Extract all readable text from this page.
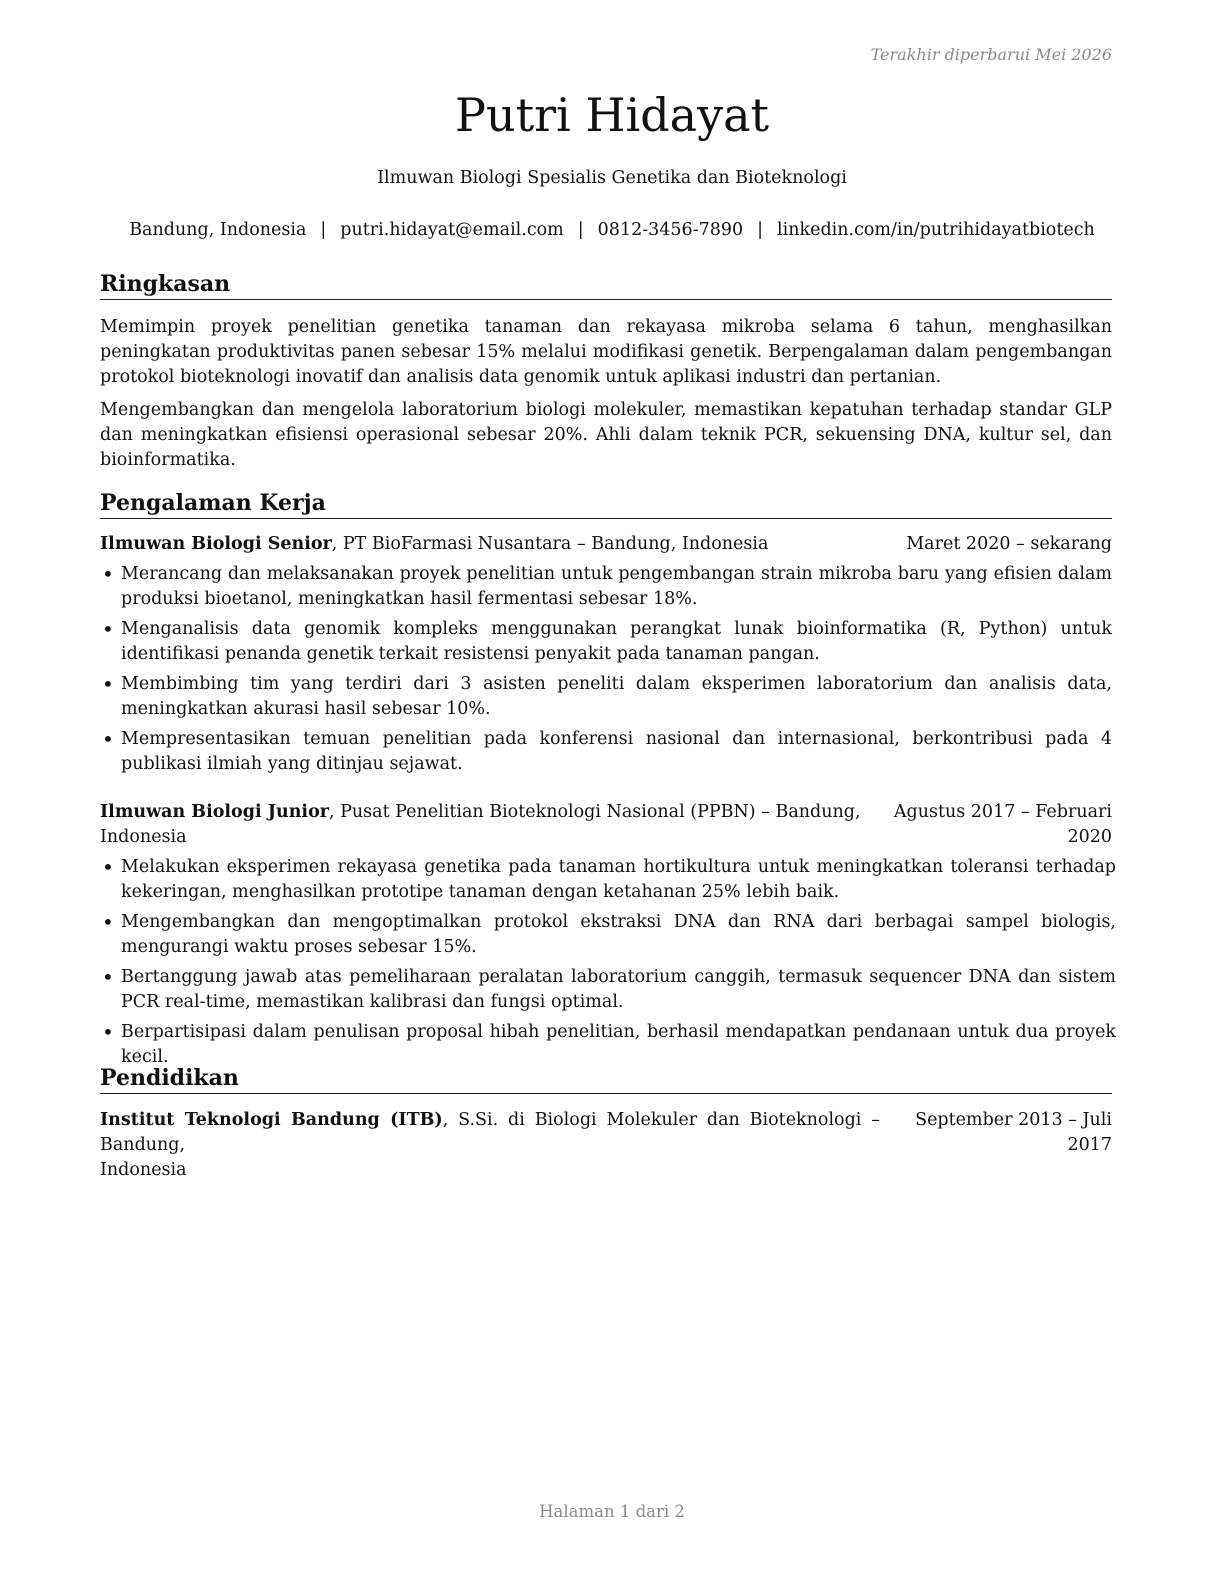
Terakhir diperbarui Mei 2026
Putri Hidayat
Ilmuwan Biologi Spesialis Genetika dan Bioteknologi
Bandung, Indonesia | putri.hidayat@email.com | 0812-3456-7890 | linkedin.com/in/putrihidayatbiotech
Ringkasan
Memimpin proyek penelitian genetika tanaman dan rekayasa mikroba selama 6 tahun, menghasilkan peningkatan produktivitas panen sebesar 15% melalui modifikasi genetik. Berpengalaman dalam pengembangan protokol bioteknologi inovatif dan analisis data genomik untuk aplikasi industri dan pertanian.
Mengembangkan dan mengelola laboratorium biologi molekuler, memastikan kepatuhan terhadap standar GLP dan meningkatkan efisiensi operasional sebesar 20%. Ahli dalam teknik PCR, sekuensing DNA, kultur sel, dan bioinformatika.
Pengalaman Kerja
Ilmuwan Biologi Senior, PT BioFarmasi Nusantara – Bandung, Indonesia	Maret 2020 – sekarang
• Merancang dan melaksanakan proyek penelitian untuk pengembangan strain mikroba baru yang efisien dalam produksi bioetanol, meningkatkan hasil fermentasi sebesar 18%.
• Menganalisis data genomik kompleks menggunakan perangkat lunak bioinformatika (R, Python) untuk identifikasi penanda genetik terkait resistensi penyakit pada tanaman pangan.
• Membimbing tim yang terdiri dari 3 asisten peneliti dalam eksperimen laboratorium dan analisis data, meningkatkan akurasi hasil sebesar 10%.
• Mempresentasikan temuan penelitian pada konferensi nasional dan internasional, berkontribusi pada 4 publikasi ilmiah yang ditinjau sejawat.
Ilmuwan Biologi Junior, Pusat Penelitian Bioteknologi Nasional (PPBN) – Bandung,
Indonesia
Agustus 2017 – Februari
2020
• Melakukan eksperimen rekayasa genetika pada tanaman hortikultura untuk meningkatkan toleransi terhadap kekeringan, menghasilkan prototipe tanaman dengan ketahanan 25% lebih baik.
• Mengembangkan dan mengoptimalkan protokol ekstraksi DNA dan RNA dari berbagai sampel biologis, mengurangi waktu proses sebesar 15%.
• Bertanggung jawab atas pemeliharaan peralatan laboratorium canggih, termasuk sequencer DNA dan sistem PCR real-time, memastikan kalibrasi dan fungsi optimal.
• Berpartisipasi dalam penulisan proposal hibah penelitian, berhasil mendapatkan pendanaan untuk dua proyek kecil.
Pendidikan
Institut Teknologi Bandung (ITB), S.Si. di Biologi Molekuler dan Bioteknologi – Bandung,
Indonesia
September 2013 – Juli
2017
Halaman 1 dari 2
